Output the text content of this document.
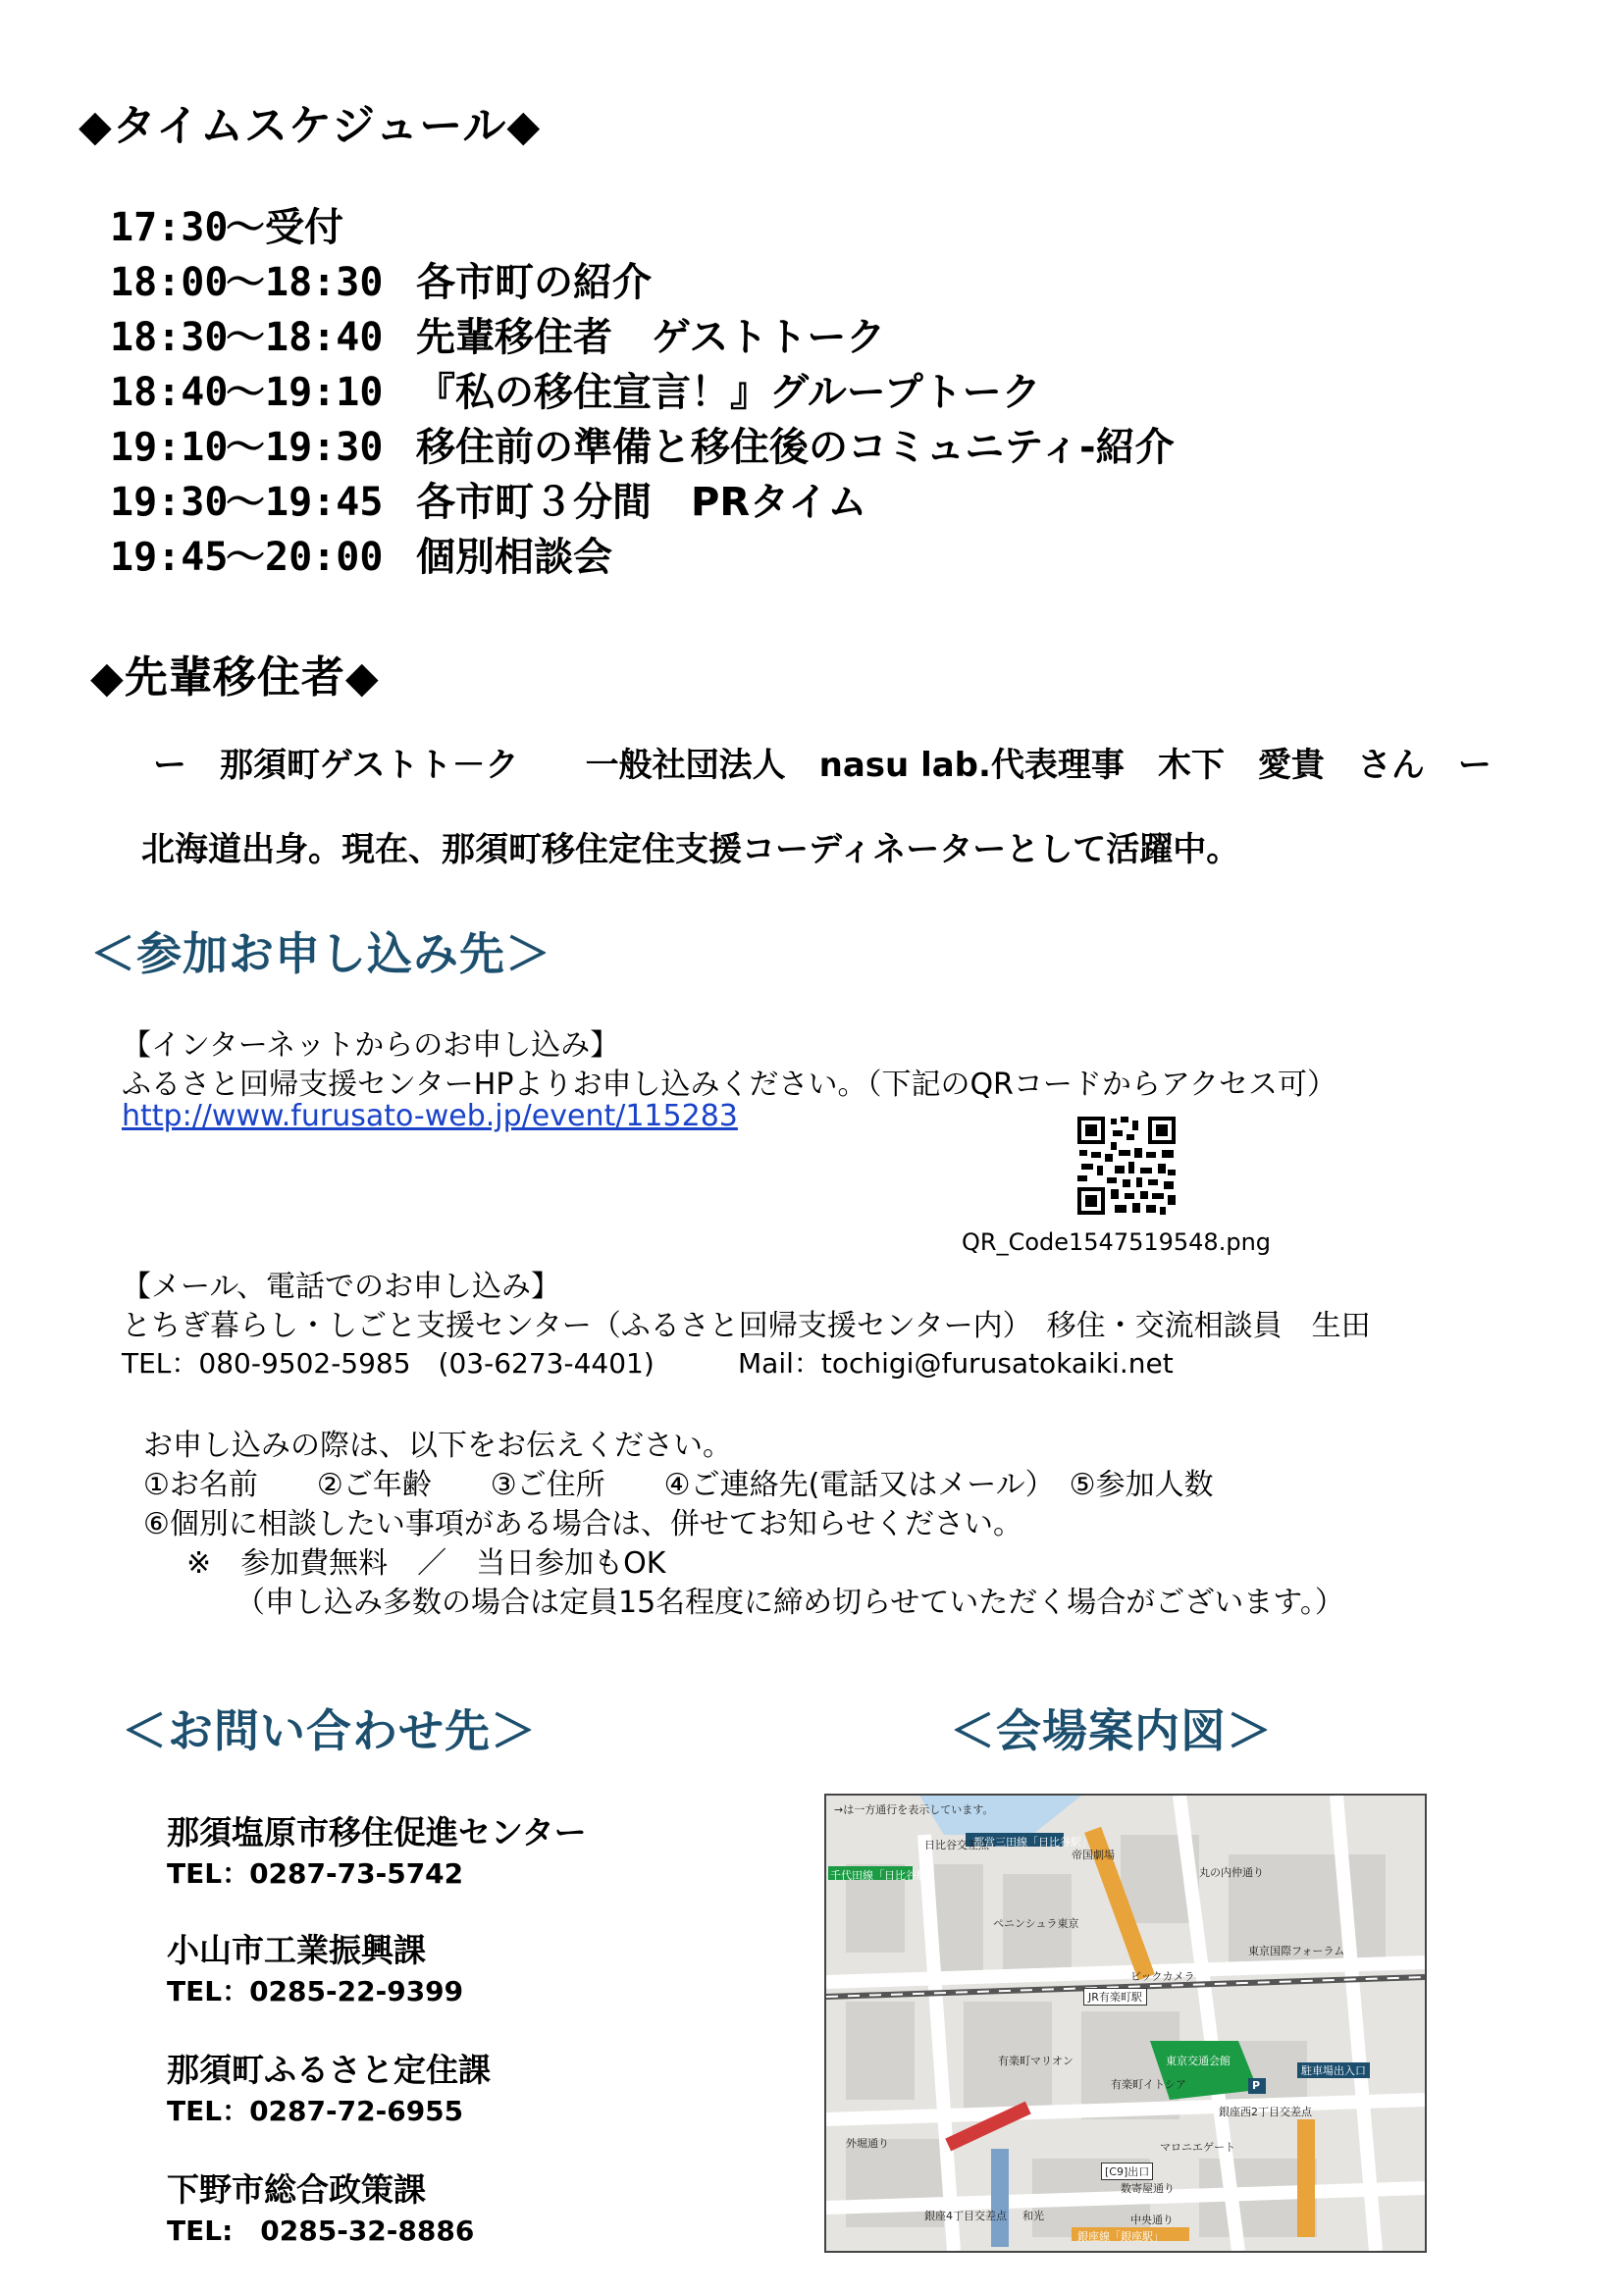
◆タイムスケジュール◆
17:30～受付
18:00～18:30 各市町の紹介
18:30～18:40 先輩移住者　ゲストトーク
18:40～19:10 『私の移住宣言！』グループトーク
19:10～19:30 移住前の準備と移住後のコミュニティ-紹介
19:30～19:45 各市町３分間　PRタイム
19:45～20:00 個別相談会
◆先輩移住者◆
ー　那須町ゲストト－ク　　一般社団法人　nasu lab.代表理事　木下　愛貴　さん　ー
北海道出身。現在、那須町移住定住支援コーディネーターとして活躍中。
＜参加お申し込み先＞
【インターネットからのお申し込み】
ふるさと回帰支援センターHPよりお申し込みください。（下記のQRコードからアクセス可）
http://www.furusato-web.jp/event/115283
QR_Code1547519548.png
【メール、電話でのお申し込み】
とちぎ暮らし・しごと支援センター（ふるさと回帰支援センター内）　移住・交流相談員　生田
TEL：080-9502-5985　(03-6273-4401)	Mail：tochigi@furusatokaiki.net
お申し込みの際は、以下をお伝えください。
①お名前　　②ご年齢　　③ご住所　　④ご連絡先(電話又はメール）　⑤参加人数
⑥個別に相談したい事項がある場合は、併せてお知らせください。
※　参加費無料　／　当日参加もOK
（申し込み多数の場合は定員15名程度に締め切らせていただく場合がございます。）
＜お問い合わせ先＞
那須塩原市移住促進センター
TEL：0287-73-5742
小山市工業振興課
TEL：0285-22-9399
那須町ふるさと定住課
TEL：0287-72-6955
下野市総合政策課
TEL:　0285-32-8886
＜会場案内図＞
→は一方通行を表示しています。
日比谷交差点
都営三田線「日比谷駅」
千代田線「日比谷駅」
帝国劇場
丸の内仲通り
ペニンシュラ東京
東京国際フォーラム
ビックカメラ
JR有楽町駅
東京交通会館
P
駐車場出入口
有楽町マリオン
有楽町イトシア
銀座西2丁目交差点
外堀通り	マロニエゲート
[C9]出口
数寄屋通り
銀座4丁目交差点 和光	中央通り
銀座線「銀座駅」
